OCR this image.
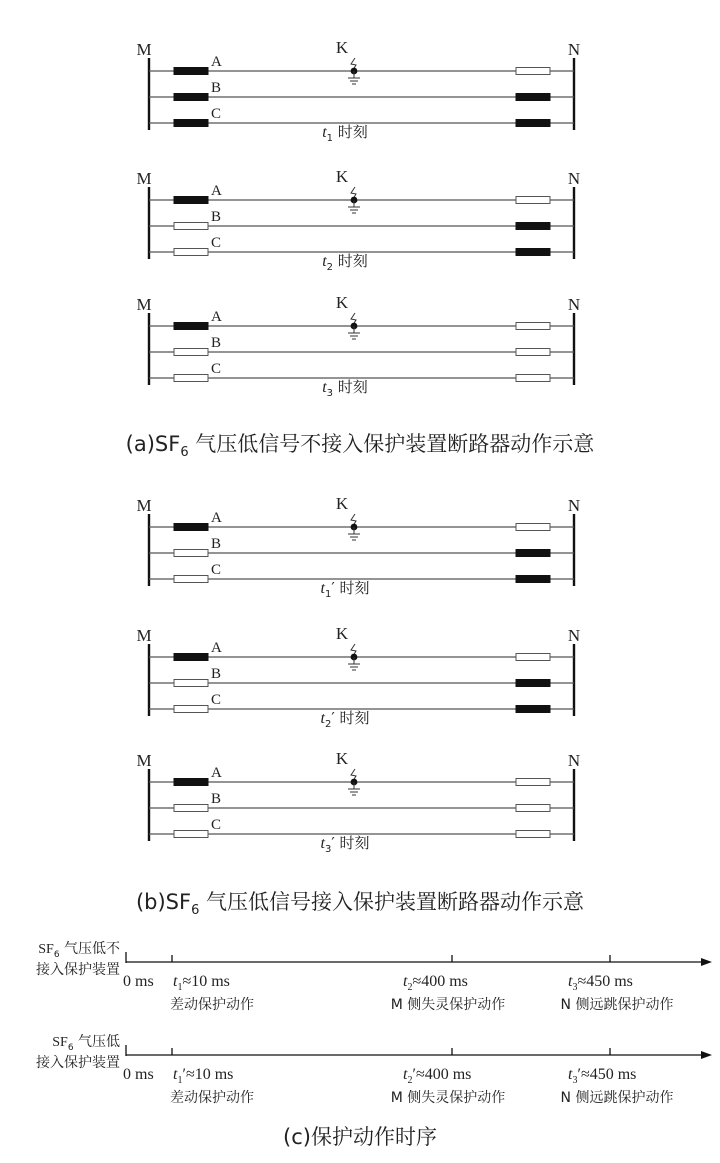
M	N
K
A
B
C
$t_1$ 时刻
M	N
K
A
B
C
$t_2$ 时刻
M	N
K
A
B
C
$t_3$ 时刻
M	N
K
A
B
C
$t_1'$ 时刻
M	N
K
A
B
C
$t_2'$ 时刻
M	N
K
A
B
C
$t_3'$ 时刻
$(a)SF_6$ 气压低信号不接入保护装置断路器动作示意
$(b)SF_6$ 气压低信号接入保护装置断路器动作示意
$SF_6$ 气压低不
接入保护装置
0 ms $t_1\approx 10$ ms
差动保护动作
$t_2\approx 400$ ms
M 侧失灵保护动作
$t_3\approx 450$ ms
N 侧远跳保护动作
$SF_6$ 气压低
接入保护装置
0 ms $t_1'\approx 10$ ms
差动保护动作
$t_2'\approx 400$ ms
M 侧失灵保护动作
$t_3'\approx 450$ ms
N 侧远跳保护动作
(c)保护动作时序
